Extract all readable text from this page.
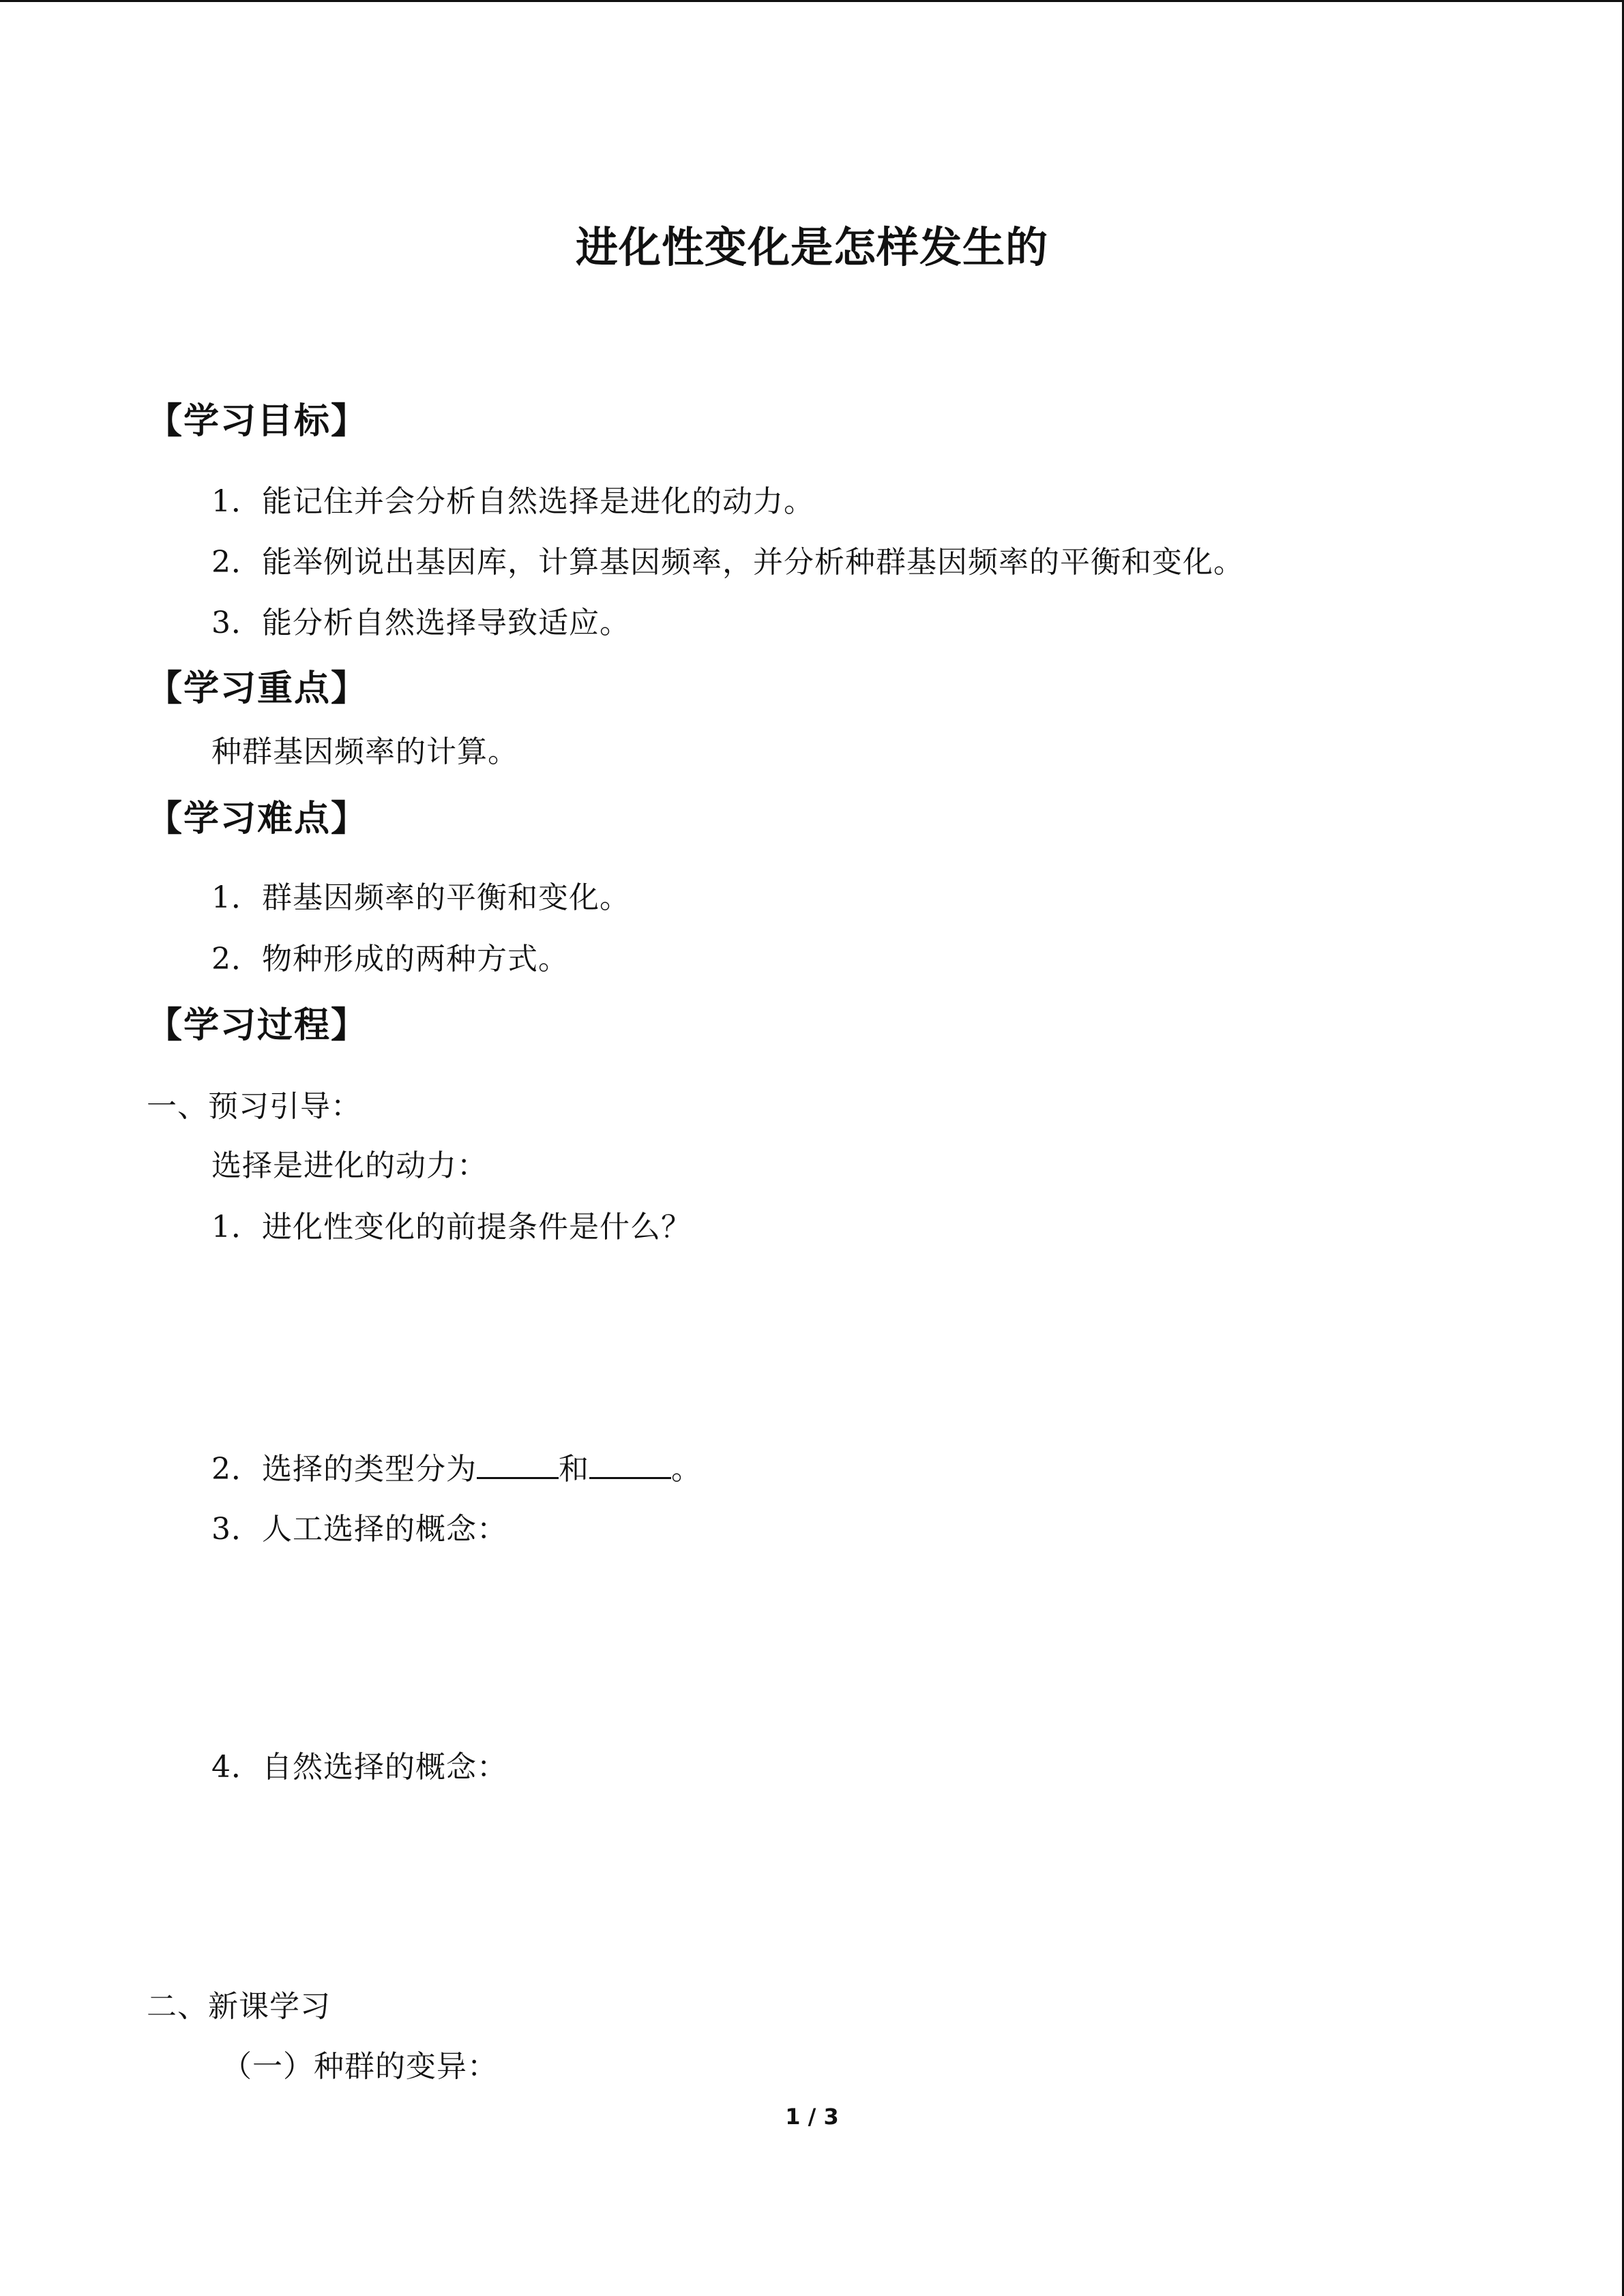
进化性变化是怎样发生的
【学习目标】
1．能记住并会分析自然选择是进化的动力。
2．能举例说出基因库，计算基因频率，并分析种群基因频率的平衡和变化。
3．能分析自然选择导致适应。
【学习重点】
种群基因频率的计算。
【学习难点】
1．群基因频率的平衡和变化。
2．物种形成的两种方式。
【学习过程】
一、预习引导：
选择是进化的动力：
1．进化性变化的前提条件是什么？
2．选择的类型分为	和	。
3．人工选择的概念：
4．自然选择的概念：
二、新课学习
（一）种群的变异：
1 / 3
